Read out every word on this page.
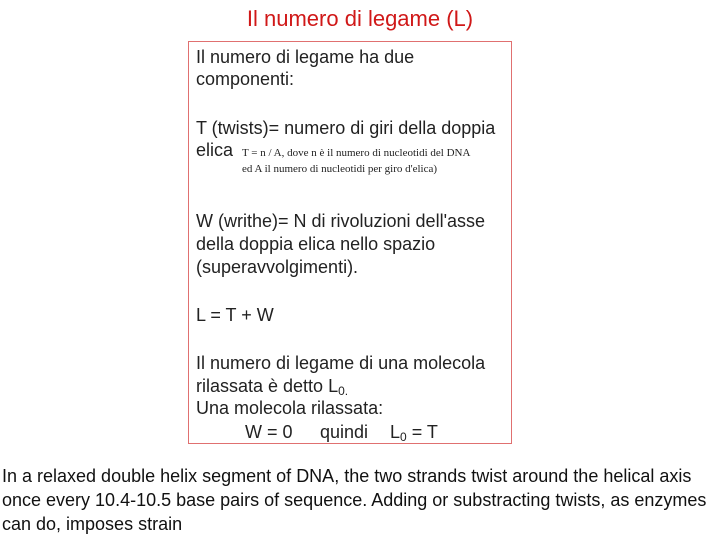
Il numero di legame (L)
Il numero di legame ha due
componenti:
T (twists)= numero di giri della doppia
elica T = n / A, dove n è il numero di nucleotidi del DNA ed A il numero di nucleotidi per giro d'elica)
W (writhe)= N di rivoluzioni dell'asse
della doppia elica nello spazio
(superavvolgimenti).
L = T + W
Il numero di legame di una molecola
rilassata è detto $L_{0.}$
Una molecola rilassata:
W = 0 quindi $L_0 = T$
In a relaxed double helix segment of DNA, the two strands twist around the helical axis once every 10.4-10.5 base pairs of sequence. Adding or substracting twists, as enzymes can do, imposes strain
